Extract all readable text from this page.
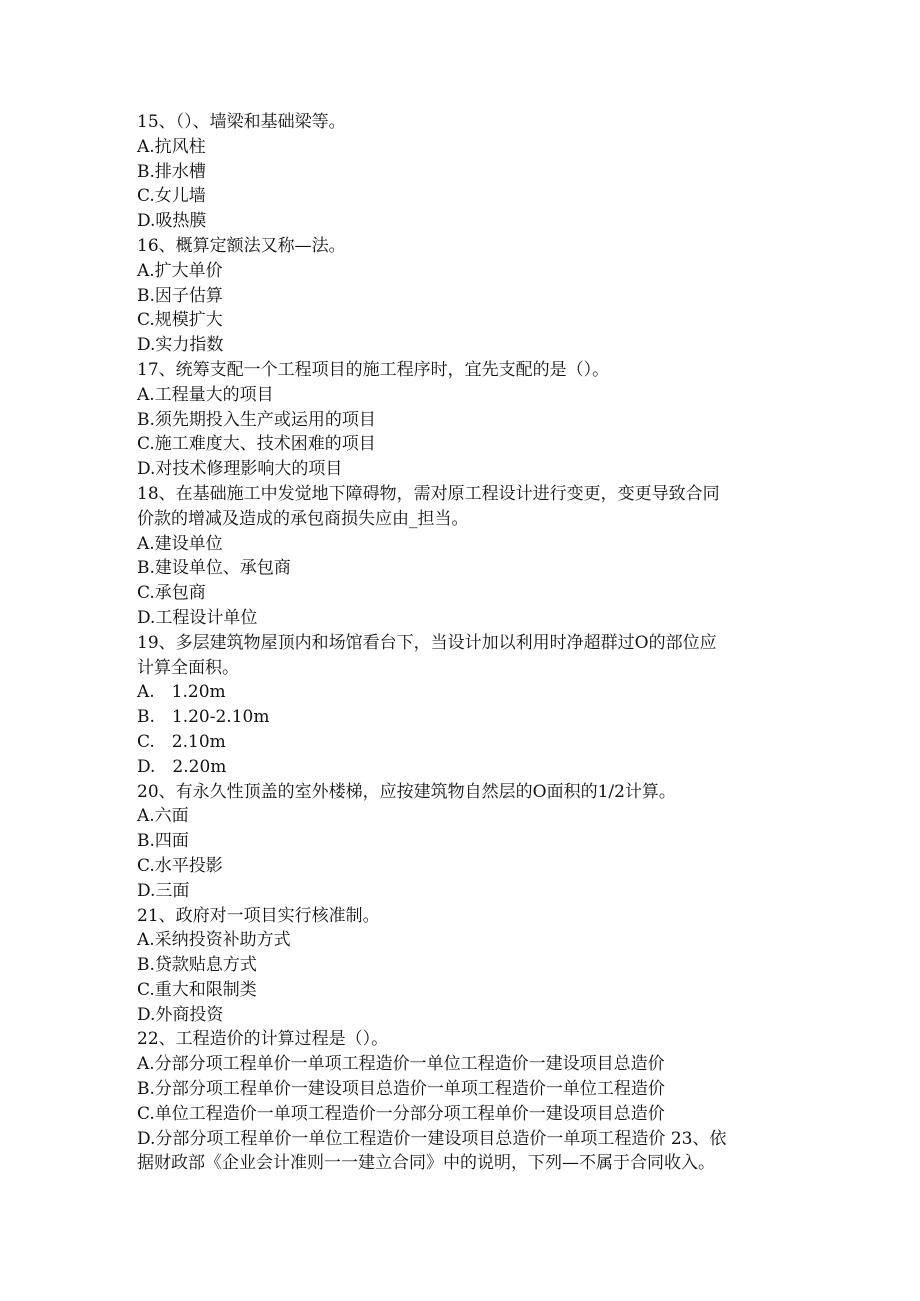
15、（）、墙梁和基础梁等。
A.抗风柱
B.排水槽
C.女儿墙
D.吸热膜
16、概算定额法又称—法。
A.扩大单价
B.因子估算
C.规模扩大
D.实力指数
17、统筹支配一个工程项目的施工程序时，宜先支配的是（）。
A.工程量大的项目
B.须先期投入生产或运用的项目
C.施工难度大、技术困难的项目
D.对技术修理影响大的项目
18、在基础施工中发觉地下障碍物，需对原工程设计进行变更，变更导致合同
价款的增减及造成的承包商损失应由_担当。
A.建设单位
B.建设单位、承包商
C.承包商
D.工程设计单位
19、多层建筑物屋顶内和场馆看台下，当设计加以利用时净超群过O的部位应
计算全面积。
A.　1.20m
B.　1.20-2.10m
C.　2.10m
D.　2.20m
20、有永久性顶盖的室外楼梯，应按建筑物自然层的O面积的1/2计算。
A.六面
B.四面
C.水平投影
D.三面
21、政府对一项目实行核准制。
A.采纳投资补助方式
B.贷款贴息方式
C.重大和限制类
D.外商投资
22、工程造价的计算过程是（）。
A.分部分项工程单价一单项工程造价一单位工程造价一建设项目总造价
B.分部分项工程单价一建设项目总造价一单项工程造价一单位工程造价
C.单位工程造价一单项工程造价一分部分项工程单价一建设项目总造价
D.分部分项工程单价一单位工程造价一建设项目总造价一单项工程造价 23、依
据财政部《企业会计准则一一建立合同》中的说明，下列—不属于合同收入。
